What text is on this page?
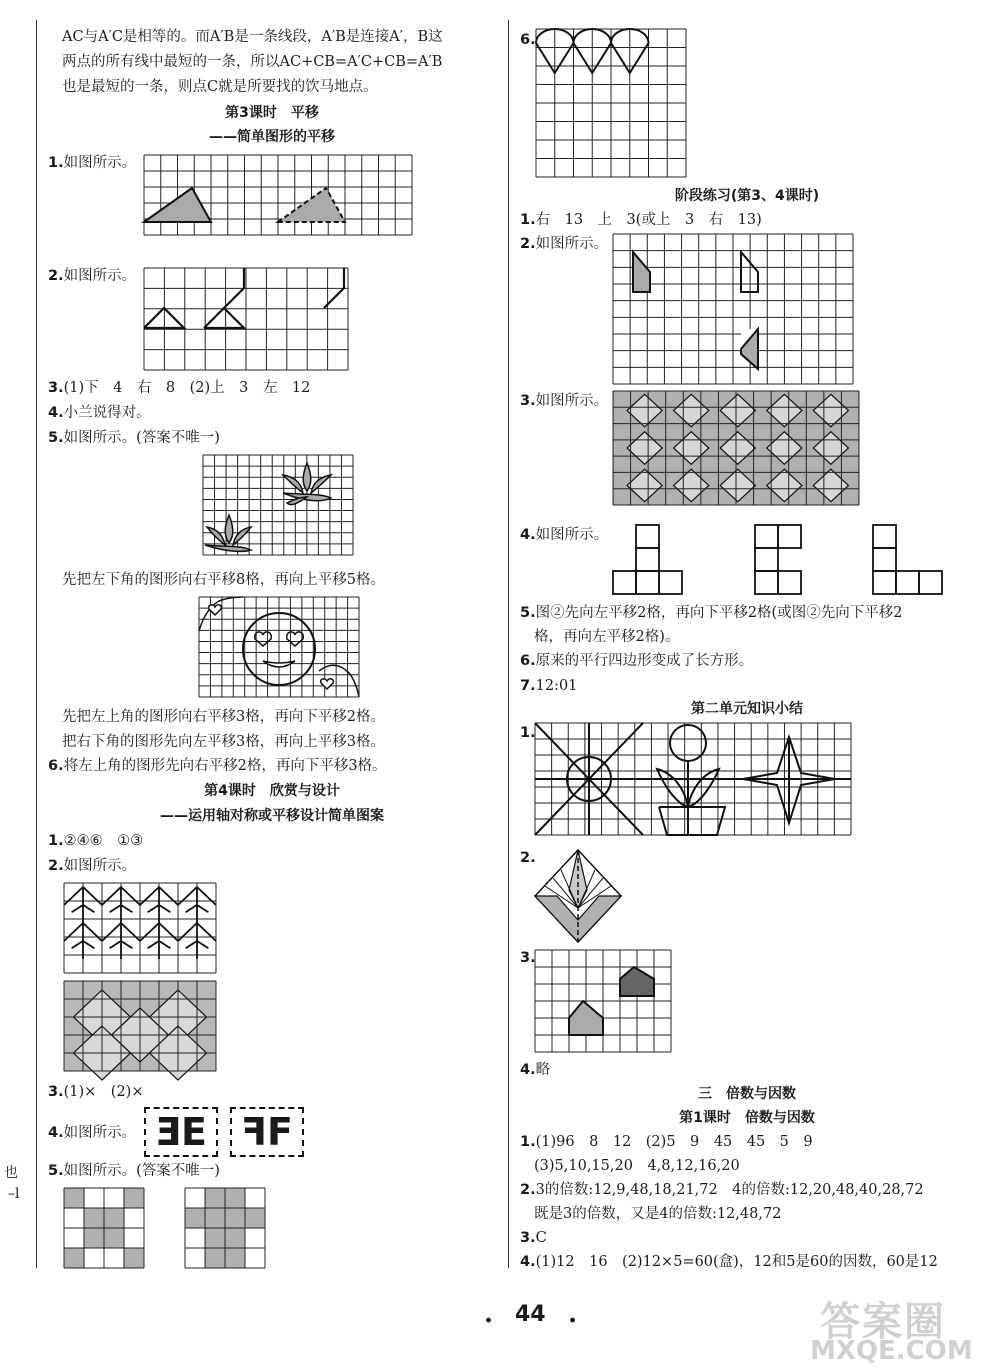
也
–l
AC与A′C是相等的。而A′B是一条线段，A′B是连接A′，B这
两点的所有线中最短的一条，所以AC+CB=A′C+CB=A′B
也是最短的一条，则点C就是所要找的饮马地点。
第3课时　平移
——简单图形的平移
1.如图所示。
2.如图所示。
3.(1)下　4　右　8　(2)上　3　左　12
4.小兰说得对。
5.如图所示。(答案不唯一)
先把左下角的图形向右平移8格，再向上平移5格。
先把左上角的图形向右平移3格，再向下平移2格。
把右下角的图形先向左平移3格，再向上平移3格。
6.将左上角的图形先向右平移2格，再向下平移3格。
第4课时　欣赏与设计
——运用轴对称或平移设计简单图案
1.②④⑥　①③
2.如图所示。
3.(1)×　(2)×
4.如图所示。 ƎE ꟻF
5.如图所示。(答案不唯一)
6.
阶段练习(第3、4课时)
1.右　13　上　3(或上　3　右　13)
2.如图所示。
3.如图所示。
4.如图所示。
5.图②先向左平移2格，再向下平移2格(或图②先向下平移2
格，再向左平移2格)。
6.原来的平行四边形变成了长方形。
7.12:01
第二单元知识小结
1.
2.
3.
4.略
三　倍数与因数
第1课时　倍数与因数
1.(1)96　8　12　(2)5　9　45　45　5　9
(3)5,10,15,20　4,8,12,16,20
2.3的倍数:12,9,48,18,21,72　4的倍数:12,20,48,40,28,72
既是3的倍数，又是4的倍数:12,48,72
3.C
4.(1)12　16　(2)12×5=60(盒)，12和5是60的因数，60是12
· 44 ·	答案圈
MXQE.COM
